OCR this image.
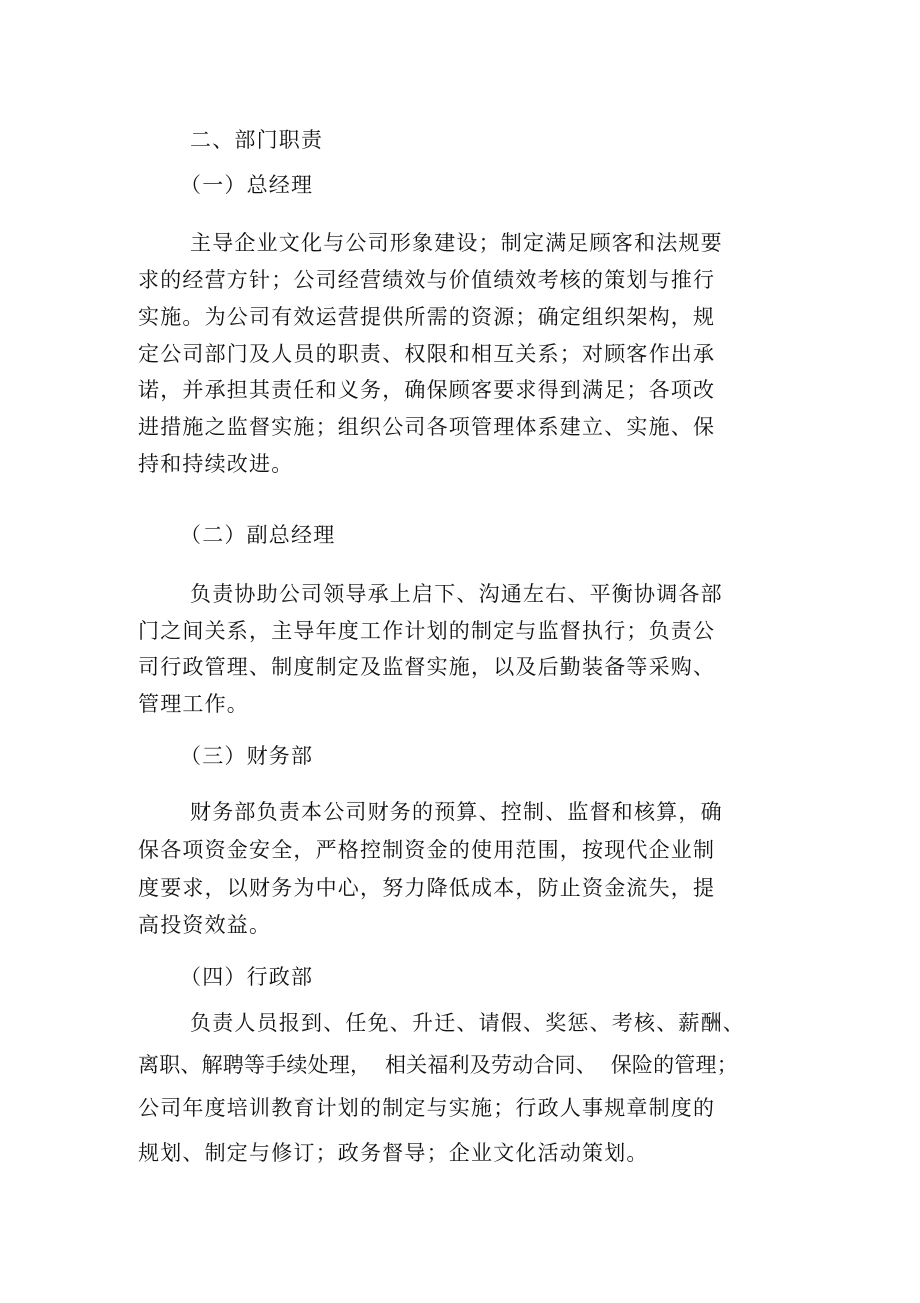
二、部门职责
（一）总经理
主导企业文化与公司形象建设；制定满足顾客和法规要
求的经营方针；公司经营绩效与价值绩效考核的策划与推行
实施。为公司有效运营提供所需的资源；确定组织架构，规
定公司部门及人员的职责、权限和相互关系；对顾客作出承
诺，并承担其责任和义务，确保顾客要求得到满足；各项改
进措施之监督实施；组织公司各项管理体系建立、实施、保
持和持续改进。
（二）副总经理
负责协助公司领导承上启下、沟通左右、平衡协调各部
门之间关系，主导年度工作计划的制定与监督执行；负责公
司行政管理、制度制定及监督实施，以及后勤装备等采购、
管理工作。
（三）财务部
财务部负责本公司财务的预算、控制、监督和核算，确
保各项资金安全，严格控制资金的使用范围，按现代企业制
度要求，以财务为中心，努力降低成本，防止资金流失，提
高投资效益。
（四）行政部
负责人员报到、任免、升迁、请假、奖惩、考核、薪酬、
离职、解聘等手续处理，  相关福利及劳动合同、  保险的管理；
公司年度培训教育计划的制定与实施；行政人事规章制度的
规划、制定与修订；政务督导；企业文化活动策划。
